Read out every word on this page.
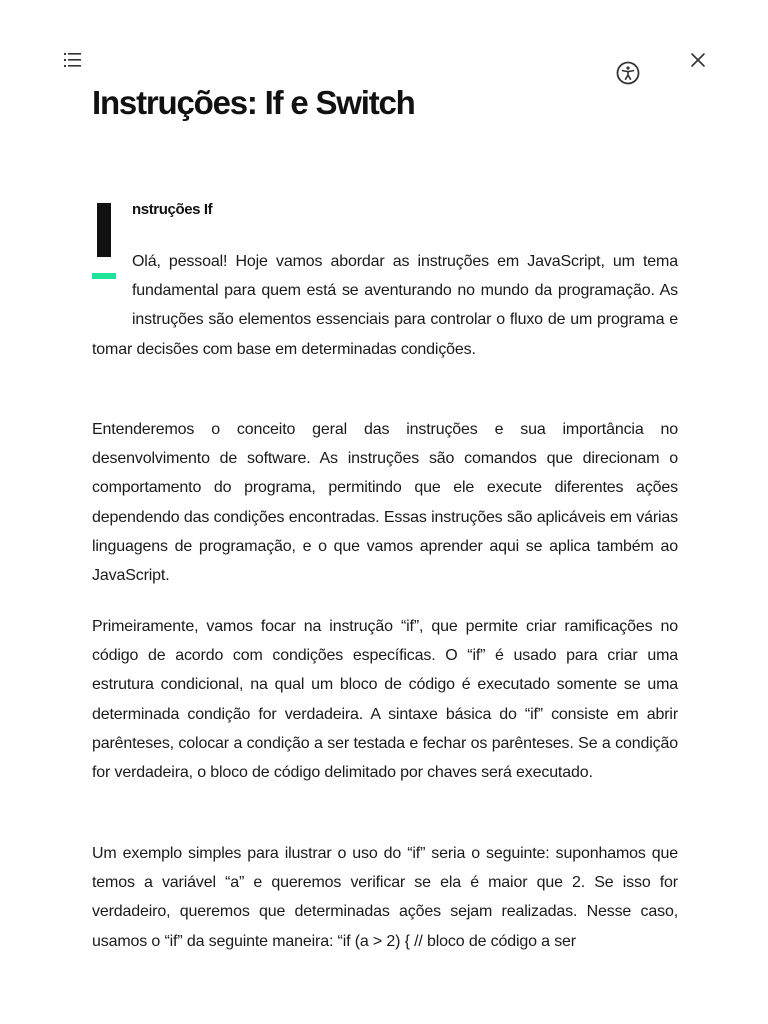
Instruções: If e Switch
nstruções If

Olá, pessoal! Hoje vamos abordar as instruções em JavaScript, um tema fundamental para quem está se aventurando no mundo da programação. As instruções são elementos essenciais para controlar o fluxo de um programa e tomar decisões com base em determinadas condições.

Entenderemos o conceito geral das instruções e sua importância no desenvolvimento de software. As instruções são comandos que direcionam o comportamento do programa, permitindo que ele execute diferentes ações dependendo das condições encontradas. Essas instruções são aplicáveis em várias linguagens de programação, e o que vamos aprender aqui se aplica também ao JavaScript.

Primeiramente, vamos focar na instrução “if”, que permite criar ramificações no código de acordo com condições específicas. O “if” é usado para criar uma estrutura condicional, na qual um bloco de código é executado somente se uma determinada condição for verdadeira. A sintaxe básica do “if” consiste em abrir parênteses, colocar a condição a ser testada e fechar os parênteses. Se a condição for verdadeira, o bloco de código delimitado por chaves será executado.

Um exemplo simples para ilustrar o uso do “if” seria o seguinte: suponhamos que temos a variável “a” e queremos verificar se ela é maior que 2. Se isso for verdadeiro, queremos que determinadas ações sejam realizadas. Nesse caso, usamos o “if” da seguinte maneira: “if (a > 2) { // bloco de código a ser
